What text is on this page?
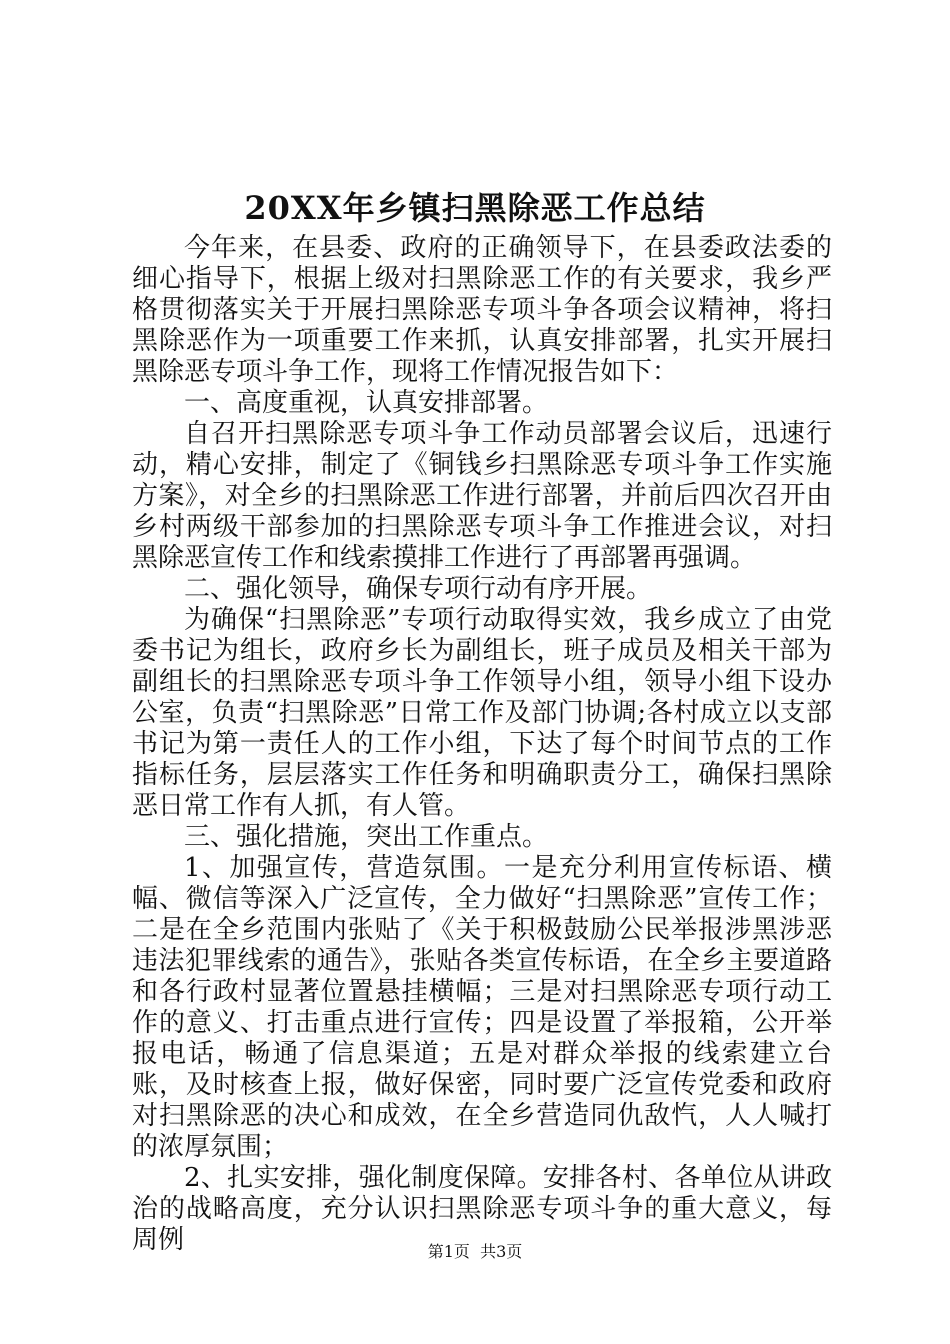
20XX年乡镇扫黑除恶工作总结

今年来，在县委、政府的正确领导下，在县委政法委的细心指导下，根据上级对扫黑除恶工作的有关要求，我乡严格贯彻落实关于开展扫黑除恶专项斗争各项会议精神，将扫黑除恶作为一项重要工作来抓，认真安排部署，扎实开展扫黑除恶专项斗争工作，现将工作情况报告如下：

一、高度重视，认真安排部署。

自召开扫黑除恶专项斗争工作动员部署会议后，迅速行动，精心安排，制定了《铜钱乡扫黑除恶专项斗争工作实施方案》，对全乡的扫黑除恶工作进行部署，并前后四次召开由乡村两级干部参加的扫黑除恶专项斗争工作推进会议，对扫黑除恶宣传工作和线索摸排工作进行了再部署再强调。

二、强化领导，确保专项行动有序开展。

为确保“扫黑除恶”专项行动取得实效，我乡成立了由党委书记为组长，政府乡长为副组长，班子成员及相关干部为副组长的扫黑除恶专项斗争工作领导小组，领导小组下设办公室，负责“扫黑除恶”日常工作及部门协调;各村成立以支部书记为第一责任人的工作小组，下达了每个时间节点的工作指标任务，层层落实工作任务和明确职责分工，确保扫黑除恶日常工作有人抓，有人管。

三、强化措施，突出工作重点。

1、加强宣传，营造氛围。一是充分利用宣传标语、横幅、微信等深入广泛宣传，全力做好“扫黑除恶”宣传工作；二是在全乡范围内张贴了《关于积极鼓励公民举报涉黑涉恶违法犯罪线索的通告》，张贴各类宣传标语，在全乡主要道路和各行政村显著位置悬挂横幅；三是对扫黑除恶专项行动工作的意义、打击重点进行宣传；四是设置了举报箱，公开举报电话，畅通了信息渠道；五是对群众举报的线索建立台账，及时核查上报，做好保密，同时要广泛宣传党委和政府对扫黑除恶的决心和成效，在全乡营造同仇敌忾，人人喊打的浓厚氛围；

2、扎实安排，强化制度保障。安排各村、各单位从讲政治的战略高度，充分认识扫黑除恶专项斗争的重大意义，每周例	第1页 共3页
